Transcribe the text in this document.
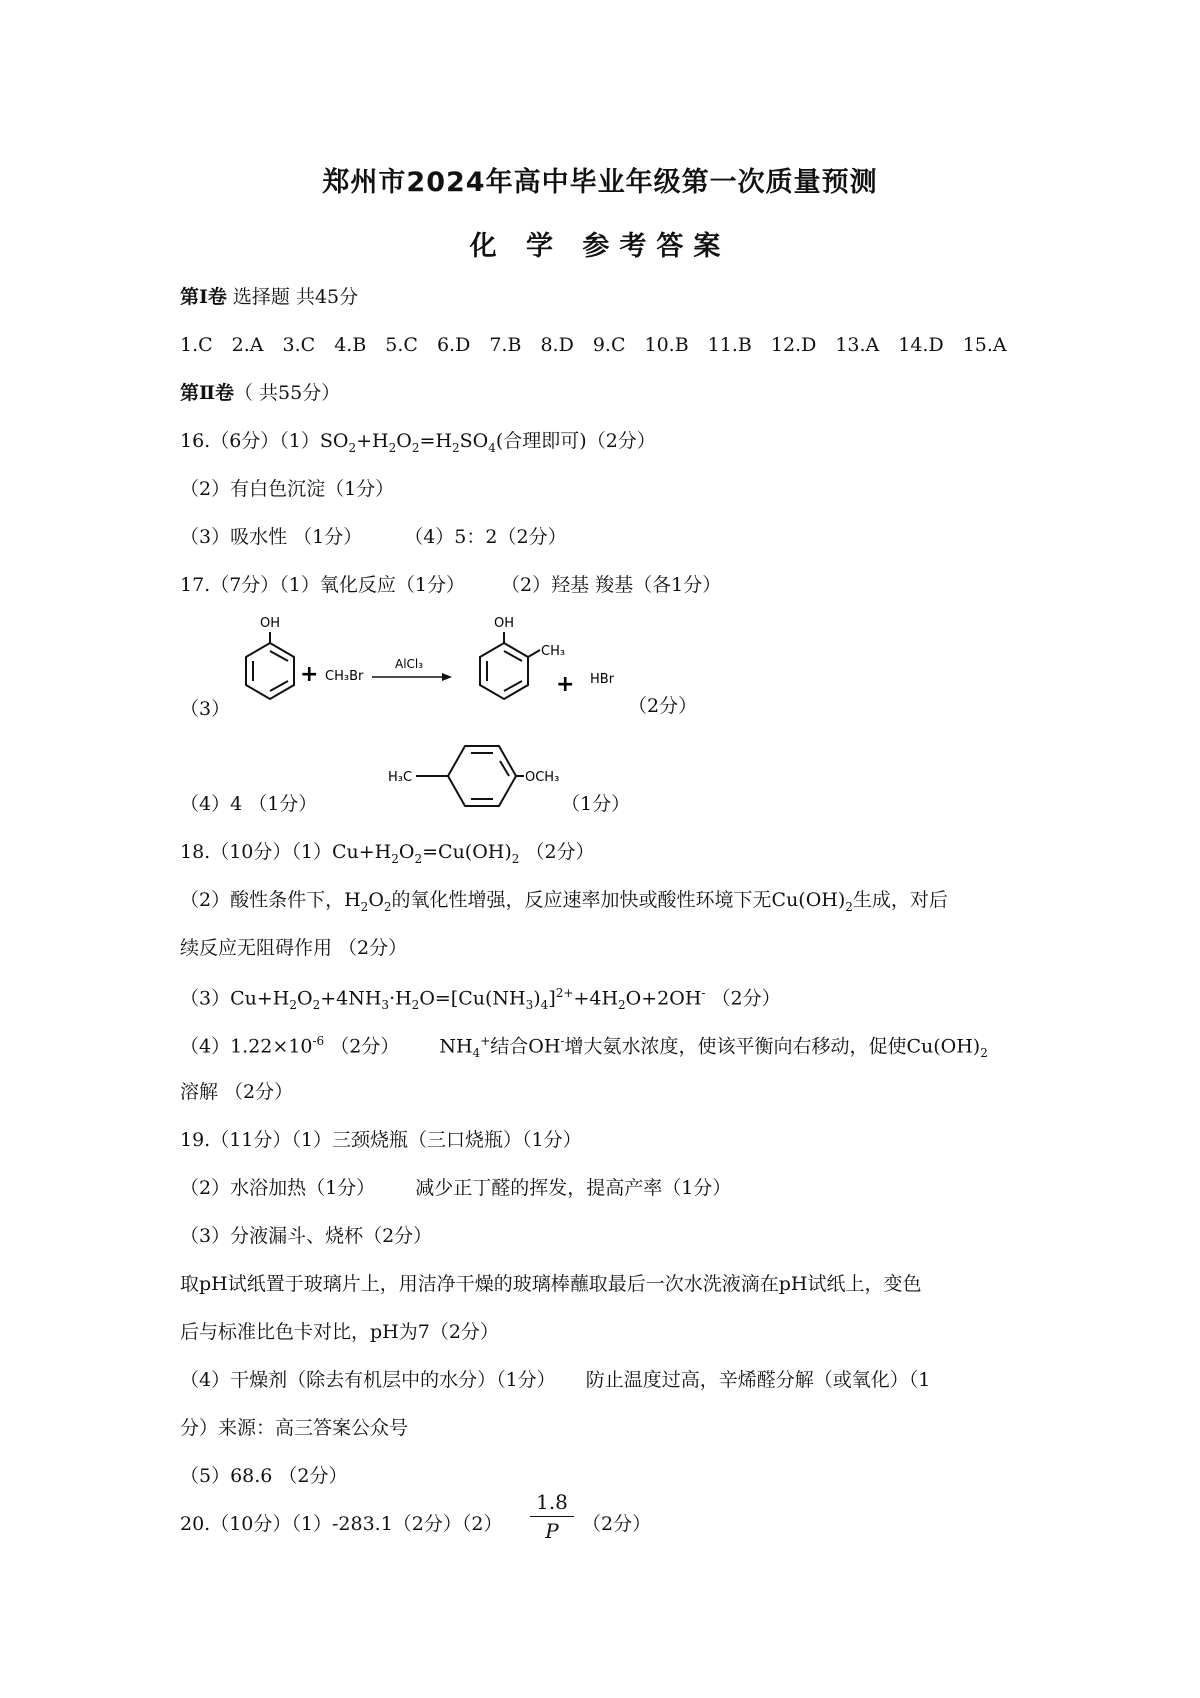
郑州市2024年高中毕业年级第一次质量预测
化 学 参考答案
第Ⅰ卷 选择题 共45分
1.C 2.A 3.C 4.B 5.C 6.D 7.B 8.D 9.C 10.B 11.B 12.D 13.A 14.D 15.A
第Ⅱ卷（ 共55分）
16.（6分）$(1)SO_2+H_2O_2=H_2SO_4$(合理即可)（2分）
（2）有白色沉淀（1分）
（3）吸水性 （1分） （4）5：2（2分）
17.（7分）（1）氧化反应（1分） （2）羟基 羧基（各1分）
（3）	（2分）
OH
+ CH₃Br
AlCl₃
OH
CH₃
+ HBr
H₃C	OCH₃
（4）4 （1分）	（1分）
18.（10分）$(1)Cu+H_2O_2=Cu(OH)_2$ （2分）
（2）酸性条件下，$H_2O_2$的氧化性增强，反应速率加快或酸性环境下无$Cu(OH)_2$生成，对后
续反应无阻碍作用 （2分）
$(3)Cu+H_2O_2+4NH_3\cdot H_2O=[Cu(NH_3)_4]^{2+}+4H_2O+2OH^-$ （2分）
$(4)1.22\times 10^{-6}$ （2分） $NH_4^+$结合OH-增大氨水浓度，使该平衡向右移动，促使$Cu(OH)_2$
溶解 （2分）
19.（11分）（1）三颈烧瓶（三口烧瓶）（1分）
（2）水浴加热（1分） 减少正丁醛的挥发，提高产率（1分）
（3）分液漏斗、烧杯（2分）
取pH试纸置于玻璃片上，用洁净干燥的玻璃棒蘸取最后一次水洗液滴在pH试纸上，变色
后与标准比色卡对比，pH为7（2分）
（4）干燥剂（除去有机层中的水分）（1分） 防止温度过高，辛烯醛分解（或氧化）（1
分）来源：高三答案公众号
（5）68.6 （2分）
20.（10分）（1）-283.1（2分）$(2) \frac{1.8}{P} (2$分）
